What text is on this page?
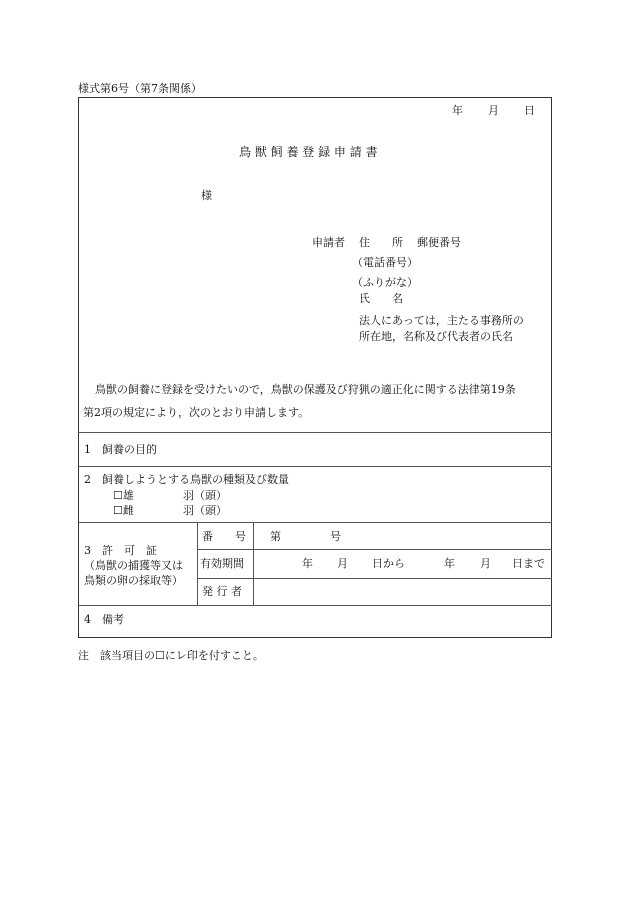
様式第6号（第7条関係）
年 月 日
鳥 獣 飼 養 登 録 申 請 書
様
申請者 住　　所 郵便番号
（電話番号）
（ふりがな）
氏　　名
法人にあっては，主たる事務所の
所在地，名称及び代表者の氏名
鳥獣の飼養に登録を受けたいので，鳥獣の保護及び狩猟の適正化に関する法律第19条
第2項の規定により，次のとおり申請します。
1　飼養の目的
2　飼養しようとする鳥獣の種類及び数量
☐雄	羽（頭）
☐雌	羽（頭）
3　許　可　証
（鳥獣の捕獲等又は
鳥類の卵の採取等）
番　　号 第	号
有効期間	年 月 日から	年 月 日まで
発 行 者
4　備考
注　該当項目の☐にレ印を付すこと。
